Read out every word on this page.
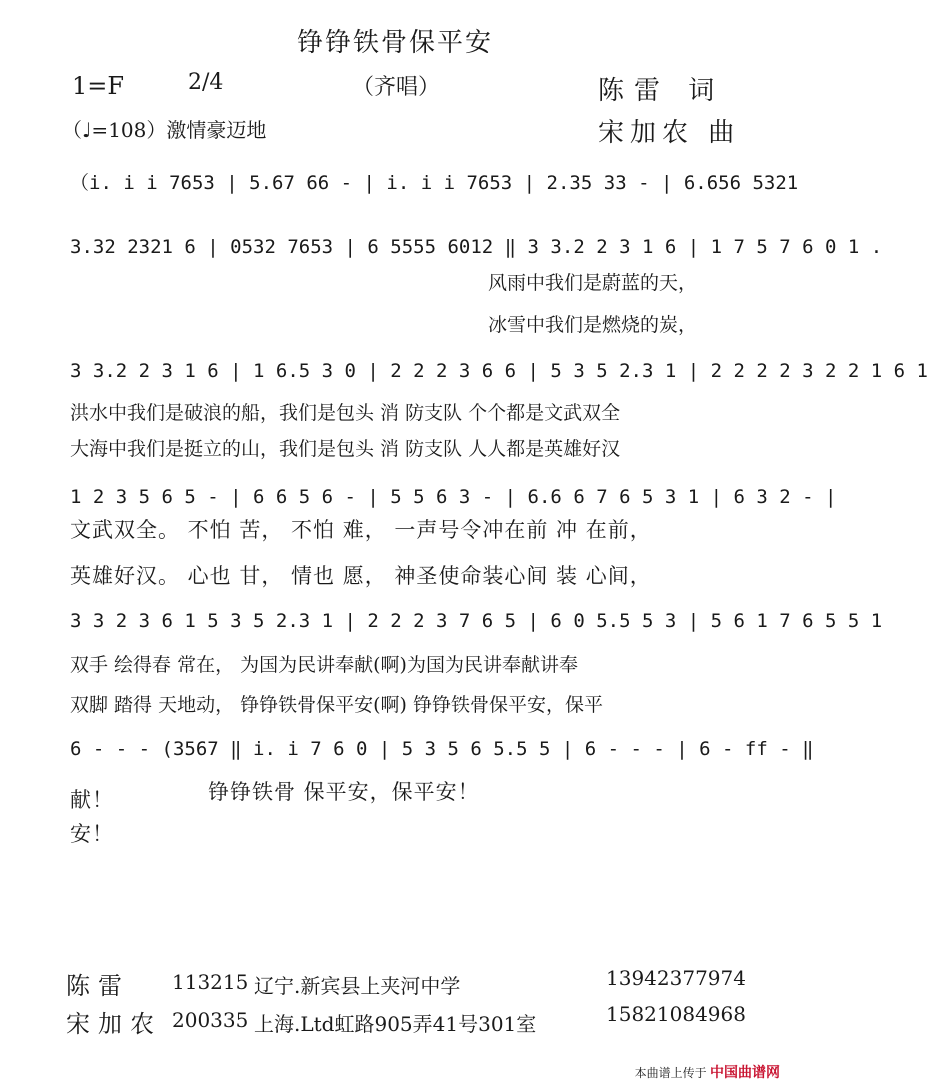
铮铮铁骨保平安
1=F	2/4	（齐唱）	陈雷 词
宋加农 曲
（♩=108）激情豪迈地
（i. i i 7653 | 5.67 66 - | i. i i 7653 | 2.35 33 - | 6.656 5321
3.32 2321 6 | 0532 7653 | 6 5555 6012 ‖ 3 3.2 2 3 1 6 | 1 7 5 7 6 0 1 .
风雨中我们是蔚蓝的天，
冰雪中我们是燃烧的炭，
3 3.2 2 3 1 6 | 1 6.5 3 0 | 2 2 2 3 6 6 | 5 3 5 2.3 1 | 2 2 2 2 3 2 2 1 6 1
洪水中我们是破浪的船，我们是包头 消 防支队 个个都是文武双全
大海中我们是挺立的山，我们是包头 消 防支队 人人都是英雄好汉
1 2 3 5 6 5 - | 6 6 5 6 - | 5 5 6 3 - | 6.6 6 7 6 5 3 1 | 6 3 2 - |
文武双全。 不怕 苦， 不怕 难， 一声号令冲在前 冲 在前，
英雄好汉。 心也 甘， 情也 愿， 神圣使命装心间 装 心间，
3 3 2 3 6 1 5 3 5 2.3 1 | 2 2 2 3 7 6 5 | 6 0 5.5 5 3 | 5 6 1 7 6 5 5 1
双手 绘得春 常在， 为国为民讲奉献(啊)为国为民讲奉献讲奉
双脚 踏得 天地动， 铮铮铁骨保平安(啊) 铮铮铁骨保平安，保平
6 - - - (3567 ‖ i. i 7 6 0 | 5 3 5 6 5.5 5 | 6 - - - | 6 - ff - ‖
献！	铮铮铁骨 保平安，保平安！
安！
陈雷 113215 辽宁.新宾县上夹河中学	13942377974
宋加农 200335 上海.Ltd虹路905弄41号301室	15821084968
本曲谱上传于 中国曲谱网
